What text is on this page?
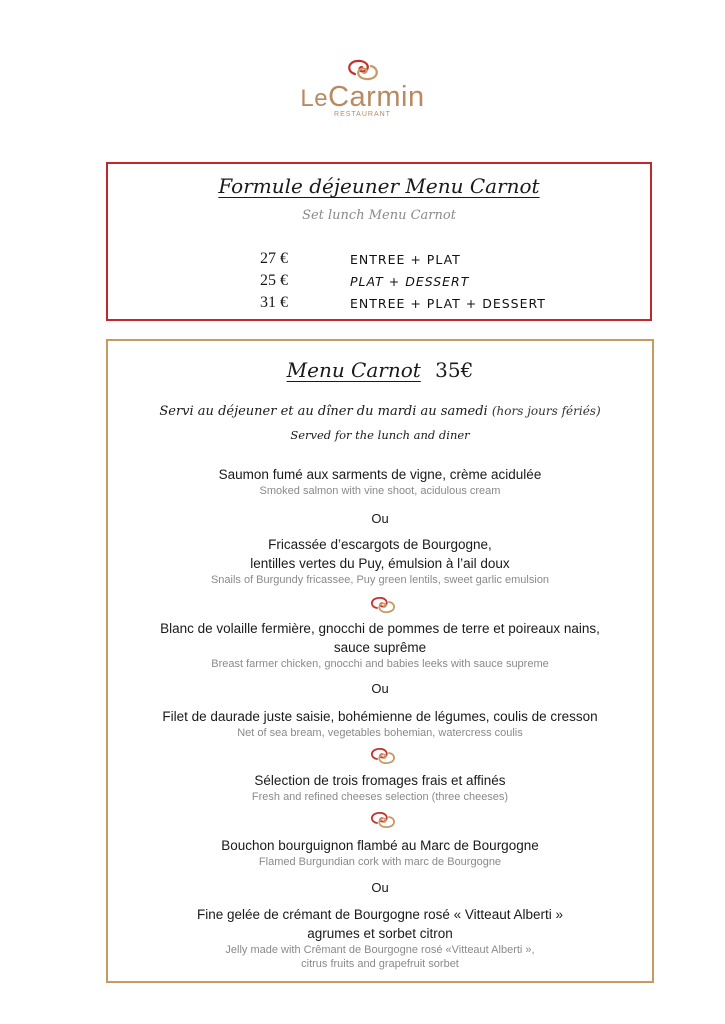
LeCarmin
RESTAURANT
Formule déjeuner Menu Carnot
Set lunch Menu Carnot
27 €	ENTREE + PLAT
25 €	PLAT + DESSERT
31 €	ENTREE + PLAT + DESSERT
Menu Carnot 35€
Servi au déjeuner et au dîner du mardi au samedi (hors jours fériés)
Served for the lunch and diner
Saumon fumé aux sarments de vigne, crème acidulée
Smoked salmon with vine shoot, acidulous cream
Ou
Fricassée d’escargots de Bourgogne,
lentilles vertes du Puy, émulsion à l’ail doux
Snails of Burgundy fricassee, Puy green lentils, sweet garlic emulsion
Blanc de volaille fermière, gnocchi de pommes de terre et poireaux nains,
sauce suprême
Breast farmer chicken, gnocchi and babies leeks with sauce supreme
Ou
Filet de daurade juste saisie, bohémienne de légumes, coulis de cresson
Net of sea bream, vegetables bohemian, watercress coulis
Sélection de trois fromages frais et affinés
Fresh and refined cheeses selection (three cheeses)
Bouchon bourguignon flambé au Marc de Bourgogne
Flamed Burgundian cork with marc de Bourgogne
Ou
Fine gelée de crémant de Bourgogne rosé « Vitteaut Alberti »
agrumes et sorbet citron
Jelly made with Crêmant de Bourgogne rosé «Vitteaut Alberti »,
citrus fruits and grapefruit sorbet
